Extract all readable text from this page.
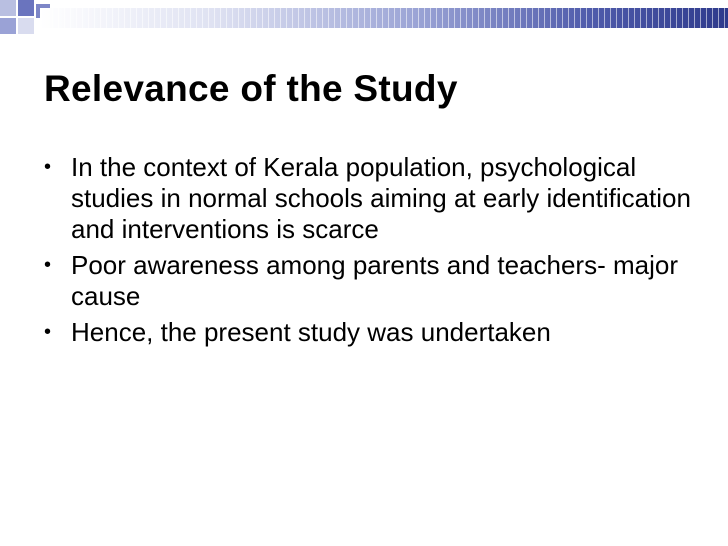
Relevance of the Study
• In the context of Kerala population, psychological studies in normal schools aiming at early identification and interventions is scarce
• Poor awareness among parents and teachers- major cause
• Hence, the present study was undertaken
